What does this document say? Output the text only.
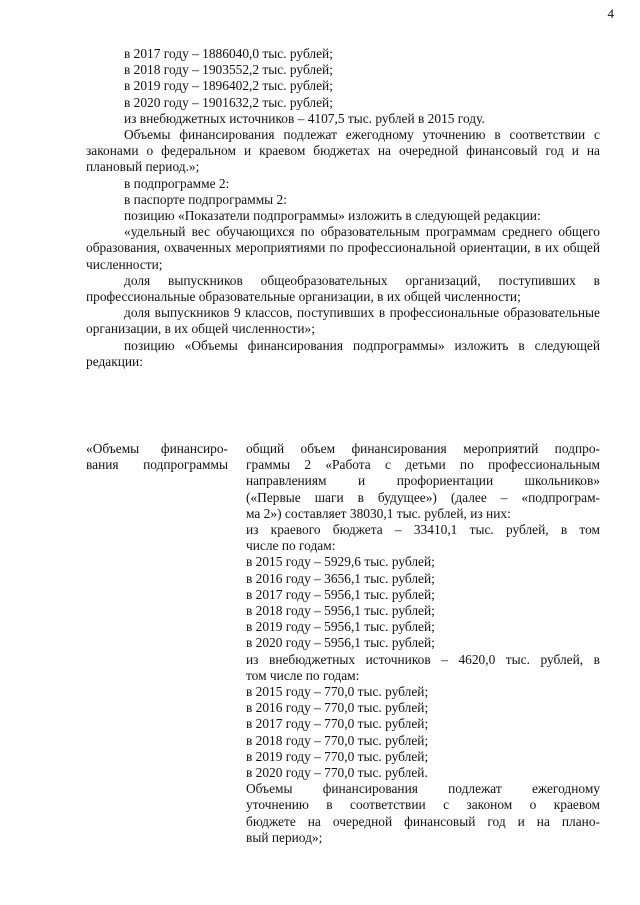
4

в 2017 году – 1886040,0 тыс. рублей;

в 2018 году – 1903552,2 тыс. рублей;

в 2019 году – 1896402,2 тыс. рублей;

в 2020 году – 1901632,2 тыс. рублей;

из внебюджетных источников – 4107,5 тыс. рублей в 2015 году.

Объемы финансирования подлежат ежегодному уточнению в соответствии с законами о федеральном и краевом бюджетах на очередной финансовый год и на плановый период.»;

в подпрограмме 2:

в паспорте подпрограммы 2:

позицию «Показатели подпрограммы» изложить в следующей редакции:

«удельный вес обучающихся по образовательным программам среднего общего образования, охваченных мероприятиями по профессиональной ориентации, в их общей численности;

доля выпускников общеобразовательных организаций, поступивших в профессиональные образовательные организации, в их общей численности;

доля выпускников 9 классов, поступивших в профессиональные образовательные организации, в их общей численности»;

позицию «Объемы финансирования подпрограммы» изложить в следующей редакции:

«Объемы финансиро-
вания подпрограммы
общий объем финансирования мероприятий подпро-
граммы 2 «Работа с детьми по профессиональным
направлениям и профориентации школьников»
(«Первые шаги в будущее») (далее – «подпрограм-
ма 2») составляет 38030,1 тыс. рублей, из них:
из краевого бюджета – 33410,1 тыс. рублей, в том
числе по годам:
в 2015 году – 5929,6 тыс. рублей;
в 2016 году – 3656,1 тыс. рублей;
в 2017 году – 5956,1 тыс. рублей;
в 2018 году – 5956,1 тыс. рублей;
в 2019 году – 5956,1 тыс. рублей;
в 2020 году – 5956,1 тыс. рублей;
из внебюджетных источников – 4620,0 тыс. рублей, в
том числе по годам:
в 2015 году – 770,0 тыс. рублей;
в 2016 году – 770,0 тыс. рублей;
в 2017 году – 770,0 тыс. рублей;
в 2018 году – 770,0 тыс. рублей;
в 2019 году – 770,0 тыс. рублей;
в 2020 году – 770,0 тыс. рублей.
Объемы финансирования подлежат ежегодному
уточнению в соответствии с законом о краевом
бюджете на очередной финансовый год и на плано-
вый период»;
